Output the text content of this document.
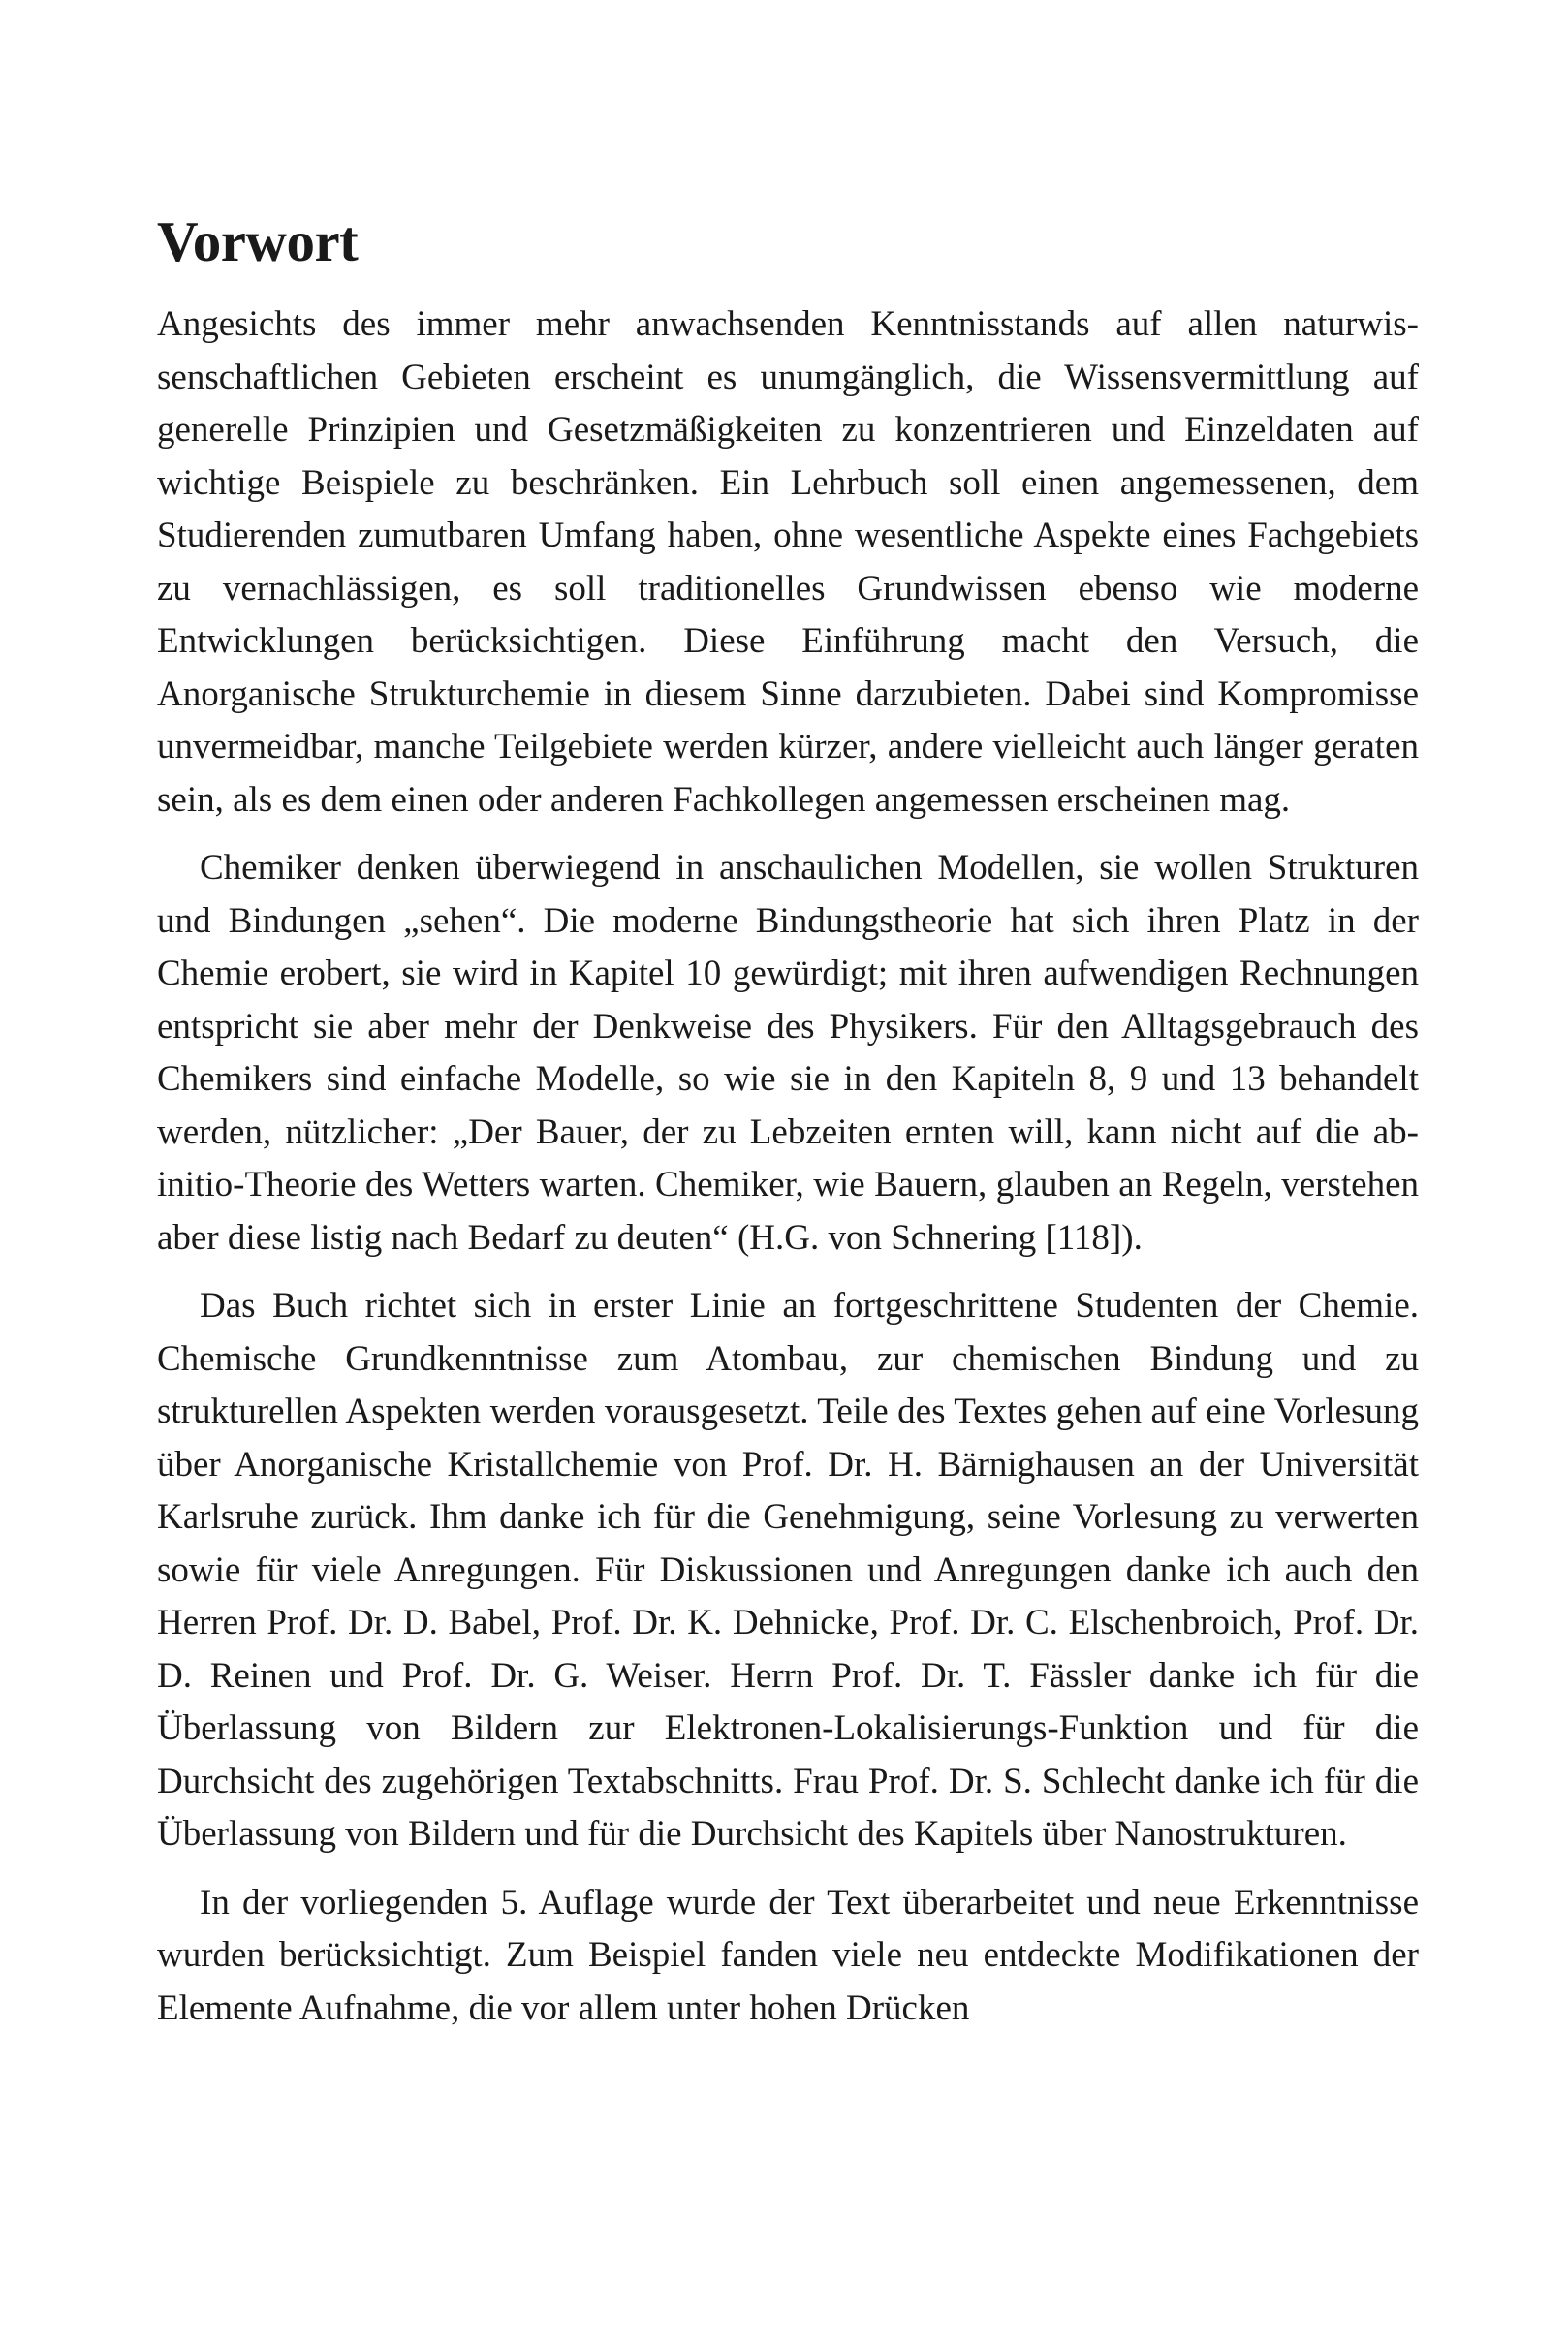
Vorwort

Angesichts des immer mehr anwachsenden Kenntnisstands auf allen naturwissenschaftlichen Gebieten erscheint es unumgänglich, die Wissensvermittlung auf generelle Prinzipien und Gesetzmäßigkeiten zu konzentrieren und Einzeldaten auf wichtige Beispiele zu beschränken. Ein Lehrbuch soll einen angemessenen, dem Studierenden zumutbaren Umfang haben, ohne wesentliche Aspekte eines Fachgebiets zu vernachlässigen, es soll traditionelles Grundwissen ebenso wie moderne Entwicklungen berücksichtigen. Diese Einführung macht den Versuch, die Anorganische Strukturchemie in diesem Sinne darzubieten. Dabei sind Kompromisse unvermeidbar, manche Teilgebiete werden kürzer, andere vielleicht auch länger geraten sein, als es dem einen oder anderen Fachkollegen angemessen erscheinen mag.

Chemiker denken überwiegend in anschaulichen Modellen, sie wollen Strukturen und Bindungen „sehen“. Die moderne Bindungstheorie hat sich ihren Platz in der Chemie erobert, sie wird in Kapitel 10 gewürdigt; mit ihren aufwendigen Rechnungen entspricht sie aber mehr der Denkweise des Physikers. Für den Alltagsgebrauch des Chemikers sind einfache Modelle, so wie sie in den Kapiteln 8, 9 und 13 behandelt werden, nützlicher: „Der Bauer, der zu Lebzeiten ernten will, kann nicht auf die ab-initio-Theorie des Wetters warten. Chemiker, wie Bauern, glauben an Regeln, verstehen aber diese listig nach Bedarf zu deuten“ (H.G. von Schnering [118]).

Das Buch richtet sich in erster Linie an fortgeschrittene Studenten der Chemie. Chemische Grundkenntnisse zum Atombau, zur chemischen Bindung und zu strukturellen Aspekten werden vorausgesetzt. Teile des Textes gehen auf eine Vorlesung über Anorganische Kristallchemie von Prof. Dr. H. Bärnighausen an der Universität Karlsruhe zurück. Ihm danke ich für die Genehmigung, seine Vorlesung zu verwerten sowie für viele Anregungen. Für Diskussionen und Anregungen danke ich auch den Herren Prof. Dr. D. Babel, Prof. Dr. K. Dehnicke, Prof. Dr. C. Elschenbroich, Prof. Dr. D. Reinen und Prof. Dr. G. Weiser. Herrn Prof. Dr. T. Fässler danke ich für die Überlassung von Bildern zur Elektronen-Lokalisierungs-Funktion und für die Durchsicht des zugehörigen Textabschnitts. Frau Prof. Dr. S. Schlecht danke ich für die Überlassung von Bildern und für die Durchsicht des Kapitels über Nanostrukturen.

In der vorliegenden 5. Auflage wurde der Text überarbeitet und neue Erkenntnisse wurden berücksichtigt. Zum Beispiel fanden viele neu entdeckte Modifikationen der Elemente Aufnahme, die vor allem unter hohen Drücken
